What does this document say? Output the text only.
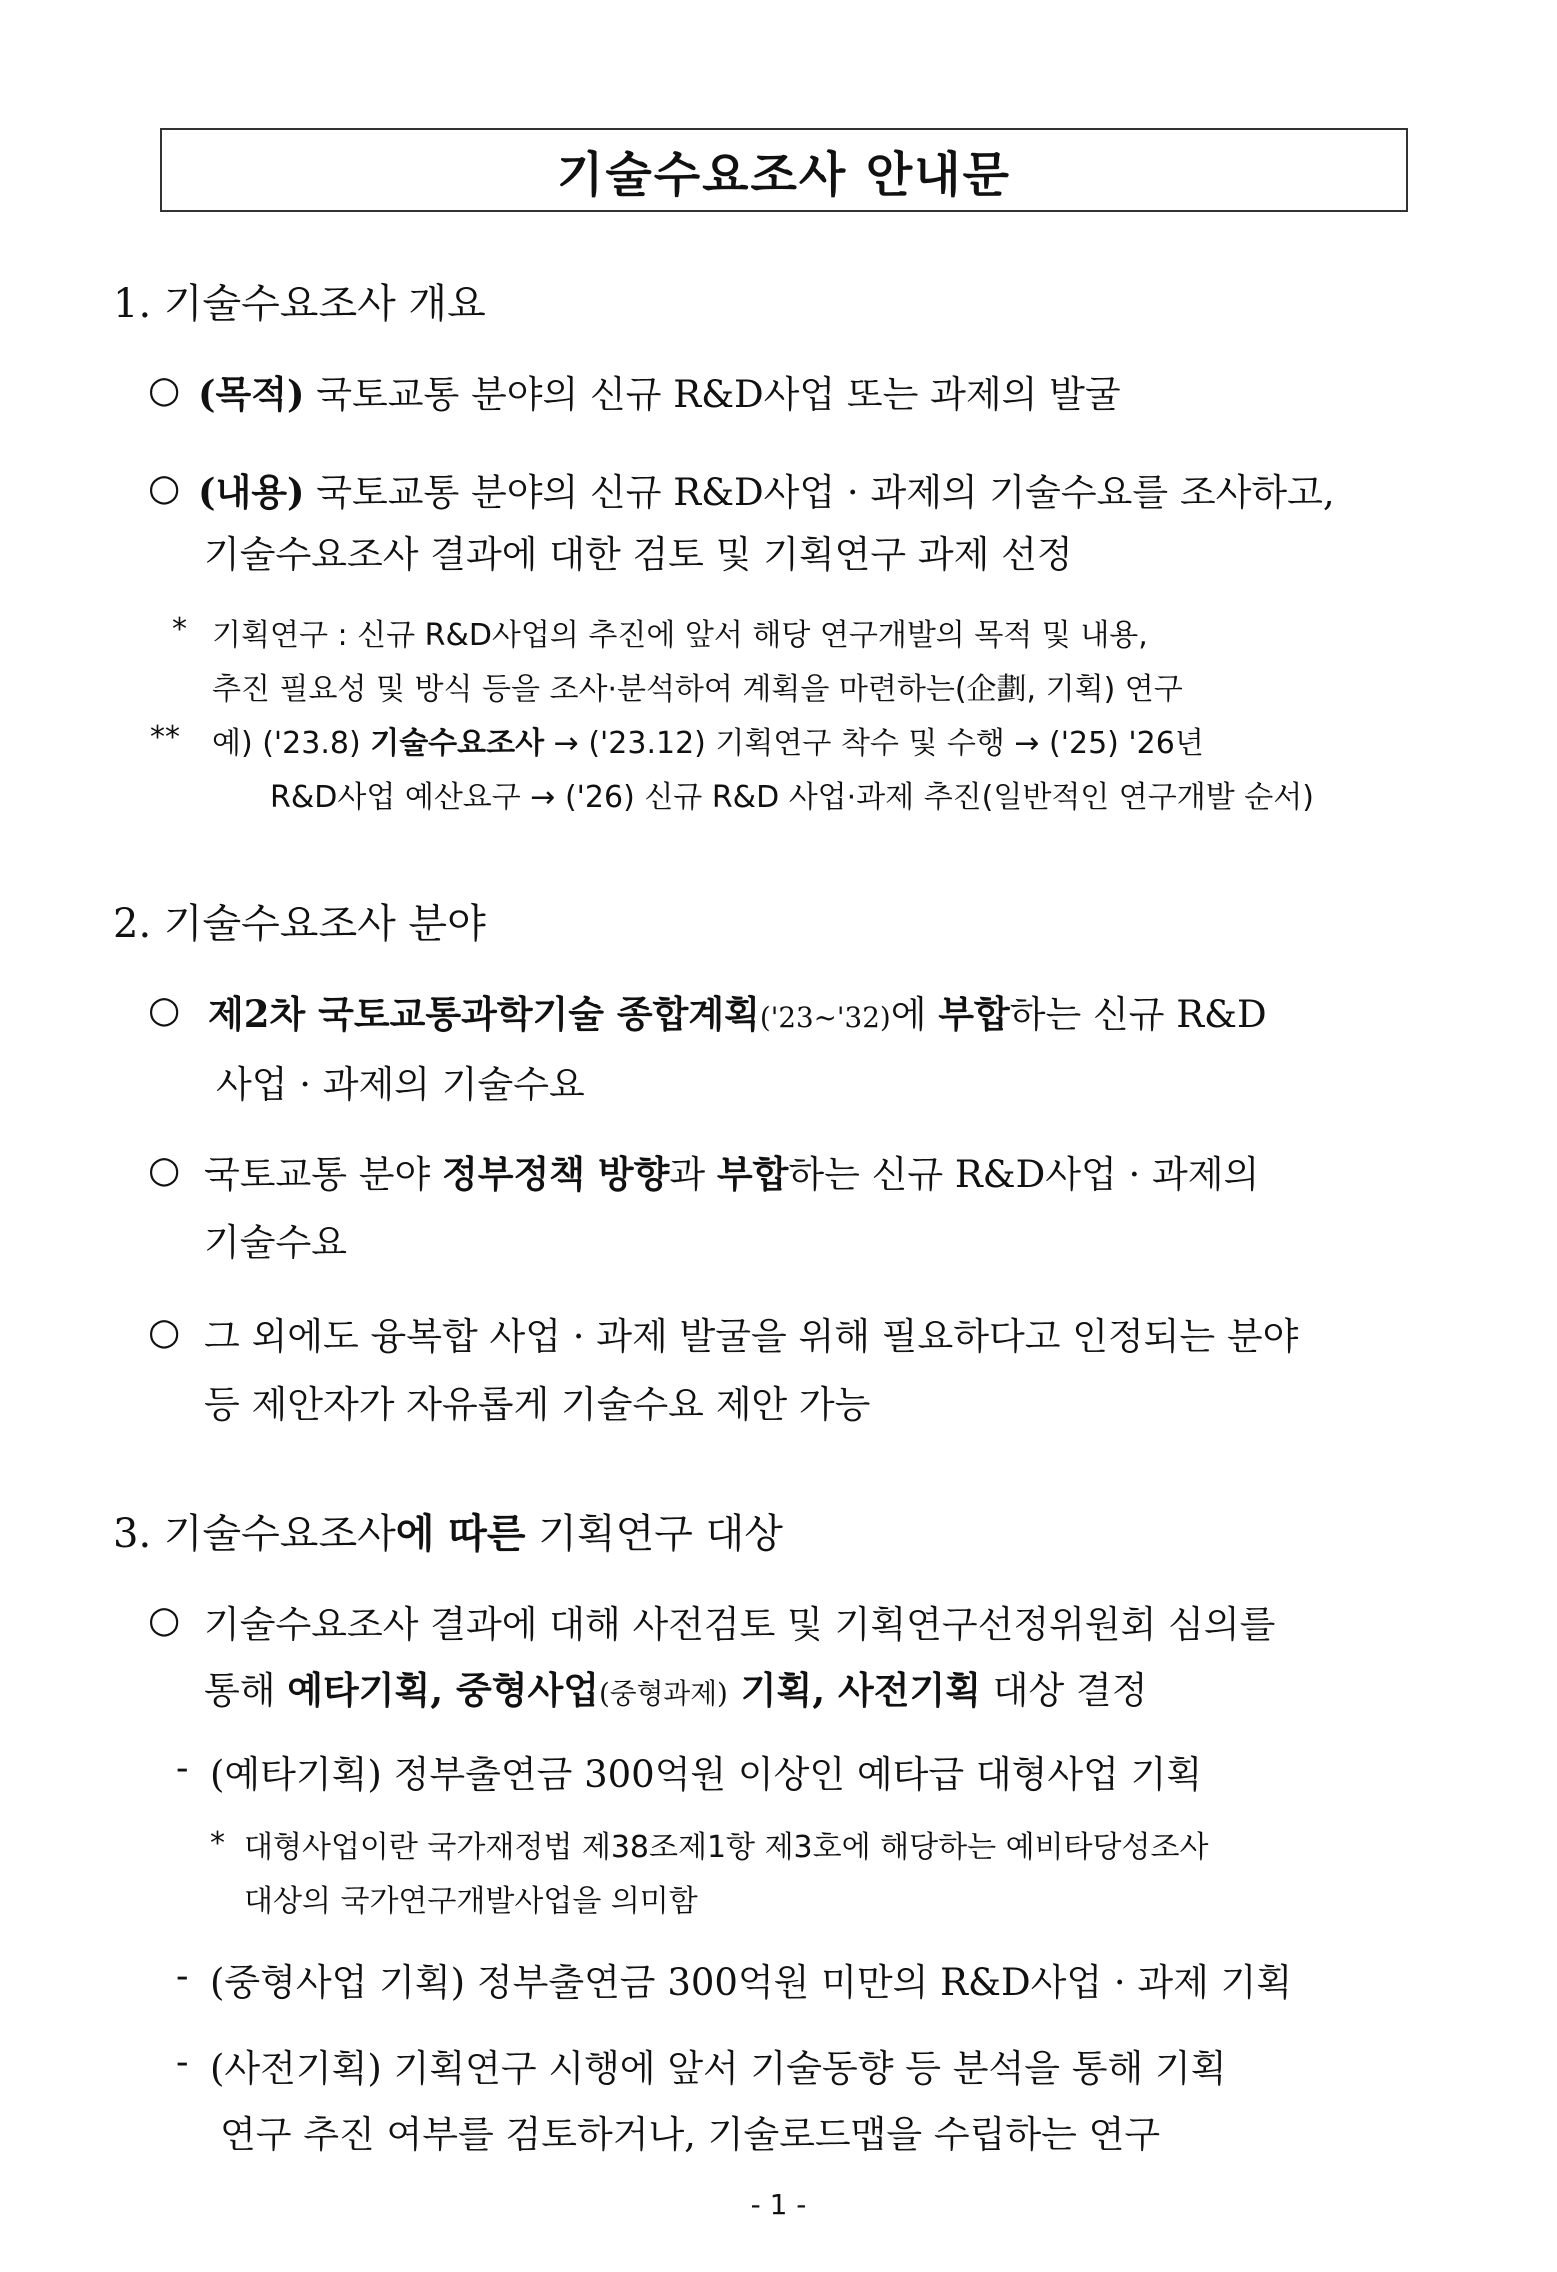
기술수요조사 안내문
1. 기술수요조사 개요
○ (목적) 국토교통 분야의 신규 R&D사업 또는 과제의 발굴
○ (내용) 국토교통 분야의 신규 R&D사업 · 과제의 기술수요를 조사하고,
기술수요조사 결과에 대한 검토 및 기획연구 과제 선정
* 기획연구 : 신규 R&D사업의 추진에 앞서 해당 연구개발의 목적 및 내용,
추진 필요성 및 방식 등을 조사·분석하여 계획을 마련하는(企劃, 기획) 연구
** 예) ('23.8) 기술수요조사 → ('23.12) 기획연구 착수 및 수행 → ('25) '26년
R&D사업 예산요구 → ('26) 신규 R&D 사업·과제 추진(일반적인 연구개발 순서)
2. 기술수요조사 분야
○ 제2차 국토교통과학기술 종합계획('23~'32)에 부합하는 신규 R&D
사업 · 과제의 기술수요
○ 국토교통 분야 정부정책 방향과 부합하는 신규 R&D사업 · 과제의
기술수요
○ 그 외에도 융복합 사업 · 과제 발굴을 위해 필요하다고 인정되는 분야
등 제안자가 자유롭게 기술수요 제안 가능
3. 기술수요조사에 따른 기획연구 대상
○ 기술수요조사 결과에 대해 사전검토 및 기획연구선정위원회 심의를
통해 예타기획, 중형사업(중형과제) 기획, 사전기획 대상 결정
- (예타기획) 정부출연금 300억원 이상인 예타급 대형사업 기획
* 대형사업이란 국가재정법 제38조제1항 제3호에 해당하는 예비타당성조사
대상의 국가연구개발사업을 의미함
- (중형사업 기획) 정부출연금 300억원 미만의 R&D사업 · 과제 기획
- (사전기획) 기획연구 시행에 앞서 기술동향 등 분석을 통해 기획
연구 추진 여부를 검토하거나, 기술로드맵을 수립하는 연구
- 1 -
